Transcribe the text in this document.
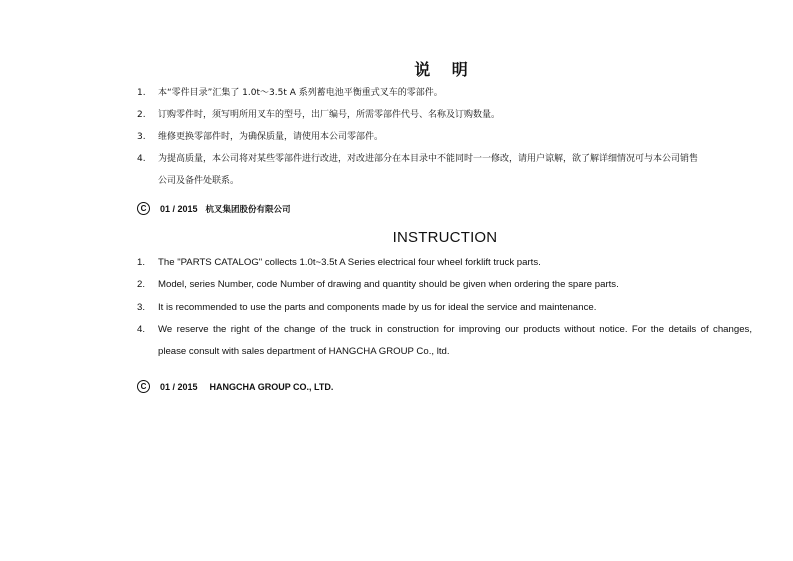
说 明
1. 本“零件目录”汇集了 1.0t～3.5t A 系列蓄电池平衡重式叉车的零部件。
2. 订购零件时，须写明所用叉车的型号，出厂编号，所需零部件代号、名称及订购数量。
3. 维修更换零部件时，为确保质量，请使用本公司零部件。
4. 为提高质量，本公司将对某些零部件进行改进，对改进部分在本目录中不能同时一一修改，请用户谅解，欲了解详细情况可与本公司销售
公司及备件处联系。
C	01 / 2015 杭叉集团股份有限公司
INSTRUCTION
1. The "PARTS CATALOG" collects 1.0t~3.5t A Series electrical four wheel forklift truck parts.
2. Model, series Number, code Number of drawing and quantity should be given when ordering the spare parts.
3. It is recommended to use the parts and components made by us for ideal the service and maintenance.
4. We reserve the right of the change of the truck in construction for improving our products without notice. For the details of changes,
please consult with sales department of HANGCHA GROUP Co., ltd.
C	01 / 2015 HANGCHA GROUP CO., LTD.
